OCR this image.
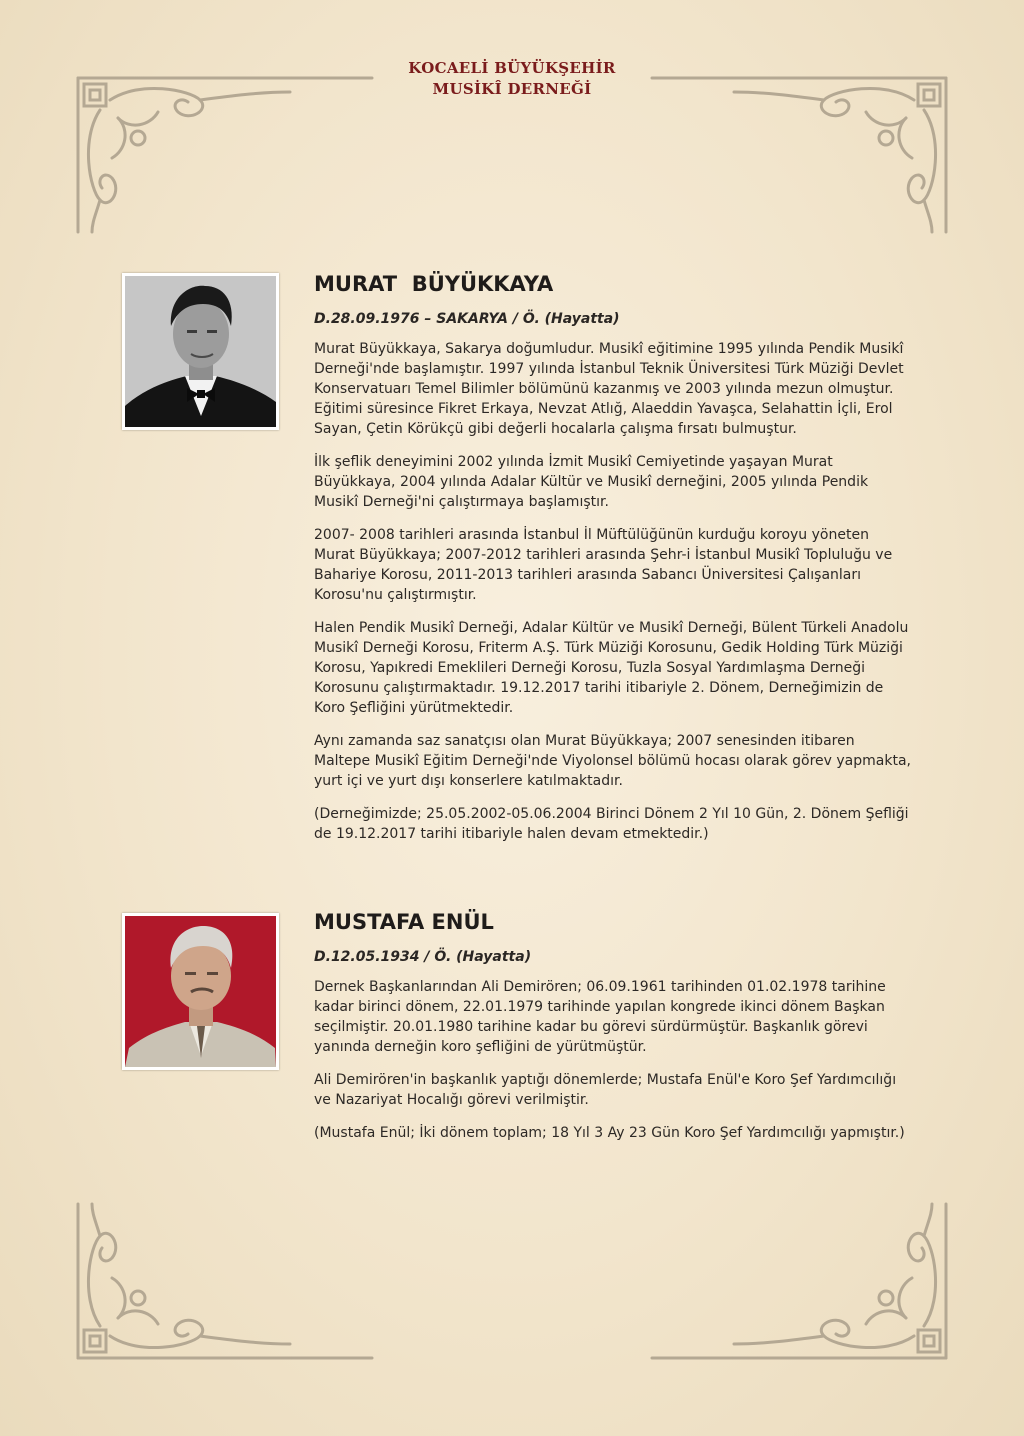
KOCAELİ BÜYÜKŞEHİR
MUSİKÎ DERNEĞİ
MURAT  BÜYÜKKAYA
D.28.09.1976 – SAKARYA / Ö. (Hayatta)

Murat Büyükkaya, Sakarya doğumludur. Musikî eğitimine 1995 yılında Pendik Musikî Derneği'nde başlamıştır. 1997 yılında İstanbul Teknik Üniversitesi Türk Müziği Devlet Konservatuarı Temel Bilimler bölümünü kazanmış ve 2003 yılında mezun olmuştur. Eğitimi süresince Fikret Erkaya, Nevzat Atlığ, Alaeddin Yavaşca, Selahattin İçli, Erol Sayan, Çetin Körükçü gibi değerli hocalarla çalışma fırsatı bulmuştur.

İlk şeflik deneyimini 2002 yılında İzmit Musikî Cemiyetinde yaşayan Murat Büyükkaya, 2004 yılında Adalar Kültür ve Musikî derneğini, 2005 yılında Pendik Musikî Derneği'ni çalıştırmaya başlamıştır.

2007- 2008 tarihleri arasında İstanbul İl Müftülüğünün kurduğu koroyu yöneten Murat Büyükkaya; 2007-2012 tarihleri arasında Şehr-i İstanbul Musikî Topluluğu ve Bahariye Korosu, 2011-2013 tarihleri arasında Sabancı Üniversitesi Çalışanları Korosu'nu çalıştırmıştır.

Halen Pendik Musikî Derneği, Adalar Kültür ve Musikî Derneği, Bülent Türkeli Anadolu Musikî Derneği Korosu, Friterm A.Ş. Türk Müziği Korosunu, Gedik Holding Türk Müziği Korosu, Yapıkredi Emeklileri Derneği Korosu, Tuzla Sosyal Yardımlaşma Derneği Korosunu çalıştırmaktadır. 19.12.2017 tarihi itibariyle 2. Dönem, Derneğimizin de Koro Şefliğini yürütmektedir.

Aynı zamanda saz sanatçısı olan Murat Büyükkaya; 2007 senesinden itibaren Maltepe Musikî Eğitim Derneği'nde Viyolonsel bölümü hocası olarak görev yapmakta, yurt içi ve yurt dışı konserlere katılmaktadır.

(Derneğimizde; 25.05.2002-05.06.2004 Birinci Dönem 2 Yıl 10 Gün, 2. Dönem Şefliği de 19.12.2017 tarihi itibariyle halen devam etmektedir.)

MUSTAFA ENÜL
D.12.05.1934 / Ö. (Hayatta)

Dernek Başkanlarından Ali Demirören; 06.09.1961 tarihinden 01.02.1978 tarihine kadar birinci dönem, 22.01.1979 tarihinde yapılan kongrede ikinci dönem Başkan seçilmiştir. 20.01.1980 tarihine kadar bu görevi sürdürmüştür. Başkanlık görevi yanında derneğin koro şefliğini de yürütmüştür.

Ali Demirören'in başkanlık yaptığı dönemlerde; Mustafa Enül'e Koro Şef Yardımcılığı ve Nazariyat Hocalığı görevi verilmiştir.

(Mustafa Enül; İki dönem toplam; 18 Yıl 3 Ay 23 Gün Koro Şef Yardımcılığı yapmıştır.)
